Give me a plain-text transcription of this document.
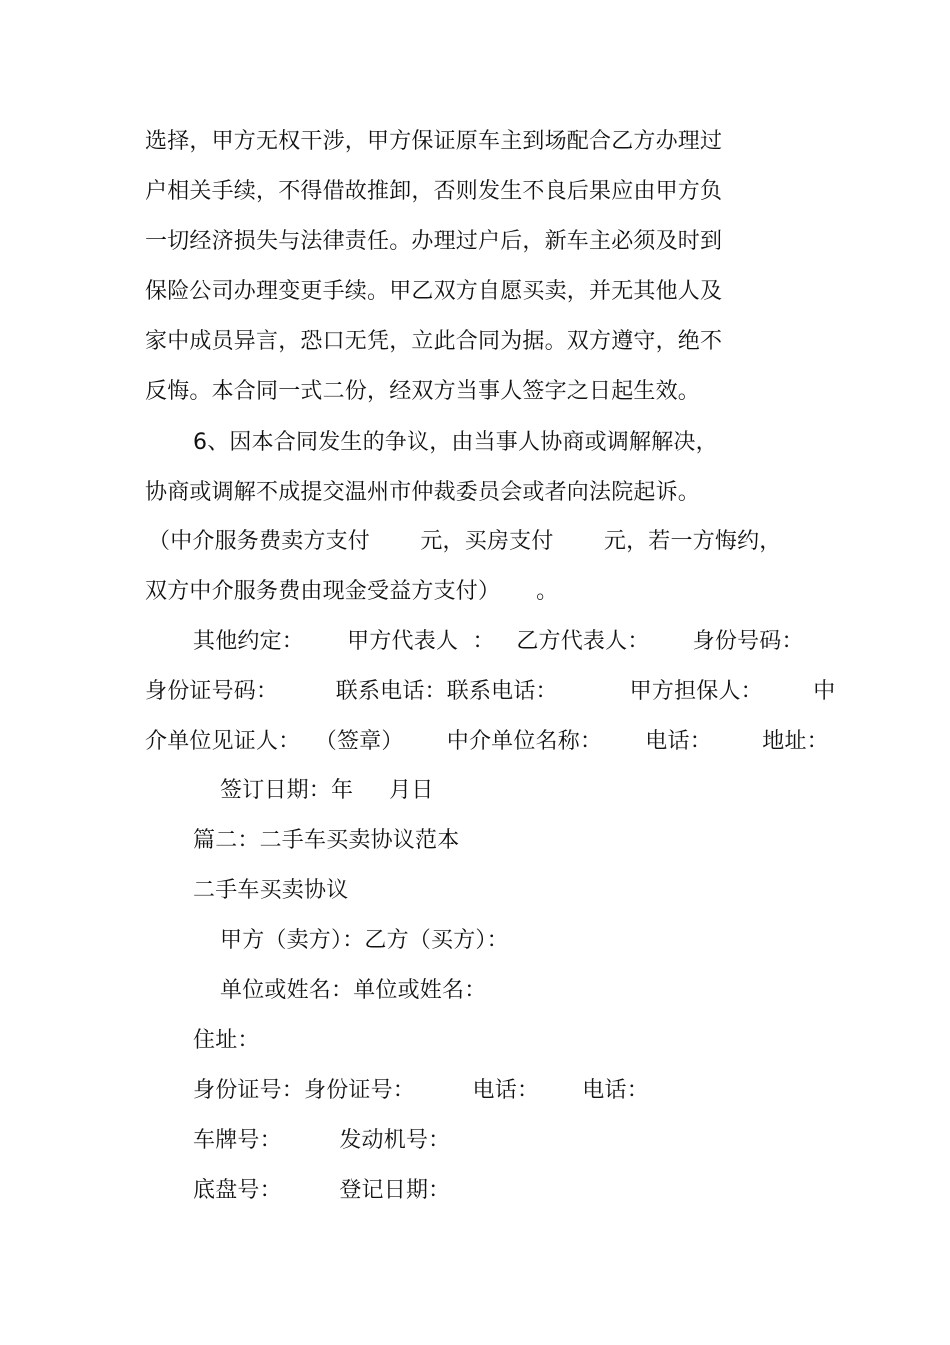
选择，甲方无权干涉，甲方保证原车主到场配合乙方办理过
户相关手续，不得借故推卸，否则发生不良后果应由甲方负
一切经济损失与法律责任。办理过户后，新车主必须及时到
保险公司办理变更手续。甲乙双方自愿买卖，并无其他人及
家中成员异言，恐口无凭，立此合同为据。双方遵守，绝不
反悔。本合同一式二份，经双方当事人签字之日起生效。
6、因本合同发生的争议，由当事人协商或调解解决，
协商或调解不成提交温州市仲裁委员会或者向法院起诉。
（中介服务费卖方支付       元，买房支付       元，若一方悔约，
双方中介服务费由现金受益方支付）     。
其他约定：      甲方代表人  ：   乙方代表人：      身份号码：
身份证号码：        联系电话：联系电话：          甲方担保人：       中
介单位见证人：  （签章）      中介单位名称：      电话：       地址：
签订日期：年     月日
篇二：二手车买卖协议范本
二手车买卖协议
甲方（卖方）：乙方（买方）：
单位或姓名：单位或姓名：
住址：
身份证号：身份证号：        电话：      电话：
车牌号：        发动机号：
底盘号：        登记日期：
